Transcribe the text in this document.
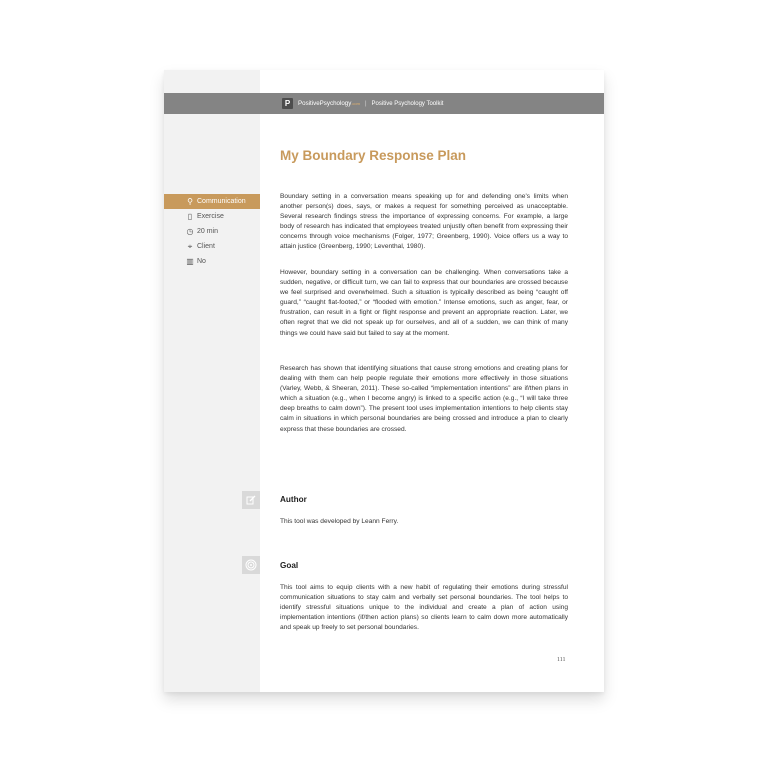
P	PositivePsychology.com | Positive Psychology Toolkit
My Boundary Response Plan
⚲ Communication
▯ Exercise
◷ 20 min
⌖ Client
▥ No

Boundary setting in a conversation means speaking up for and defending one's limits when another person(s) does, says, or makes a request for something perceived as unacceptable. Several research findings stress the importance of expressing concerns. For example, a large body of research has indicated that employees treated unjustly often benefit from expressing their concerns through voice mechanisms (Folger, 1977; Greenberg, 1990). Voice offers us a way to attain justice (Greenberg, 1990; Leventhal, 1980).

However, boundary setting in a conversation can be challenging. When conversations take a sudden, negative, or difficult turn, we can fail to express that our boundaries are crossed because we feel surprised and overwhelmed. Such a situation is typically described as being “caught off guard,” “caught flat-footed,” or “flooded with emotion.” Intense emotions, such as anger, fear, or frustration, can result in a fight or flight response and prevent an appropriate reaction. Later, we often regret that we did not speak up for ourselves, and all of a sudden, we can think of many things we could have said but failed to say at the moment.

Research has shown that identifying situations that cause strong emotions and creating plans for dealing with them can help people regulate their emotions more effectively in those situations (Varley, Webb, & Sheeran, 2011). These so-called “implementation intentions” are if/then plans in which a situation (e.g., when I become angry) is linked to a specific action (e.g., “I will take three deep breaths to calm down”). The present tool uses implementation intentions to help clients stay calm in situations in which personal boundaries are being crossed and introduce a plan to clearly express that these boundaries are crossed.

Author

This tool was developed by Leann Ferry.

Goal

This tool aims to equip clients with a new habit of regulating their emotions during stressful communication situations to stay calm and verbally set personal boundaries. The tool helps to identify stressful situations unique to the individual and create a plan of action using implementation intentions (if/then action plans) so clients learn to calm down more automatically and speak up freely to set personal boundaries.

111
